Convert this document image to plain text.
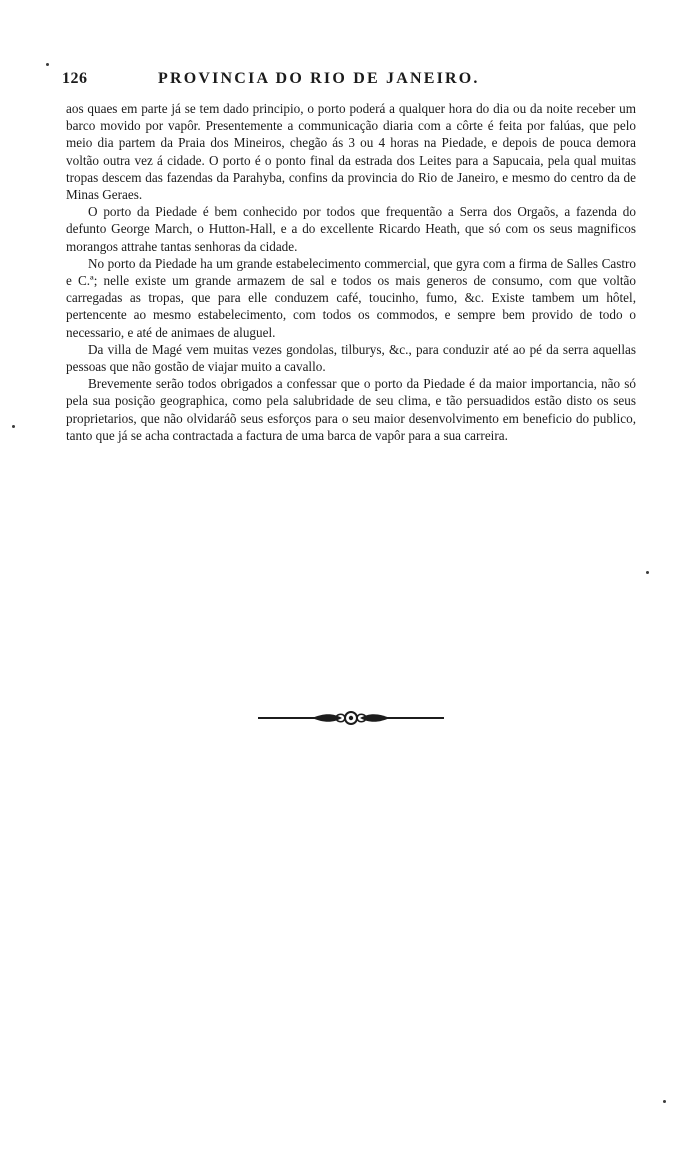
126	PROVINCIA DO RIO DE JANEIRO.

aos quaes em parte já se tem dado principio, o porto poderá a qualquer hora do dia ou da noite receber um barco movido por vapôr. Presentemente a communicação diaria com a côrte é feita por falúas, que pelo meio dia partem da Praia dos Mineiros, chegão ás 3 ou 4 horas na Piedade, e depois de pouca demora voltão outra vez á cidade. O porto é o ponto final da estrada dos Leites para a Sapucaia, pela qual muitas tropas descem das fazendas da Parahyba, confins da provincia do Rio de Janeiro, e mesmo do centro da de Minas Geraes.

O porto da Piedade é bem conhecido por todos que frequentão a Serra dos Orgaõs, a fazenda do defunto George March, o Hutton-Hall, e a do excellente Ricardo Heath, que só com os seus magnificos morangos attrahe tantas senhoras da cidade.

No porto da Piedade ha um grande estabelecimento commercial, que gyra com a firma de Salles Castro e C.ª; nelle existe um grande armazem de sal e todos os mais generos de consumo, com que voltão carregadas as tropas, que para elle conduzem café, toucinho, fumo, &c. Existe tambem um hôtel, pertencente ao mesmo estabelecimento, com todos os commodos, e sempre bem provido de todo o necessario, e até de animaes de aluguel.

Da villa de Magé vem muitas vezes gondolas, tilburys, &c., para conduzir até ao pé da serra aquellas pessoas que não gostão de viajar muito a cavallo.

Brevemente serão todos obrigados a confessar que o porto da Piedade é da maior importancia, não só pela sua posição geographica, como pela salubridade de seu clima, e tão persuadidos estão disto os seus proprietarios, que não olvidaráõ seus esforços para o seu maior desenvolvimento em beneficio do publico, tanto que já se acha contractada a factura de uma barca de vapôr para a sua carreira.
